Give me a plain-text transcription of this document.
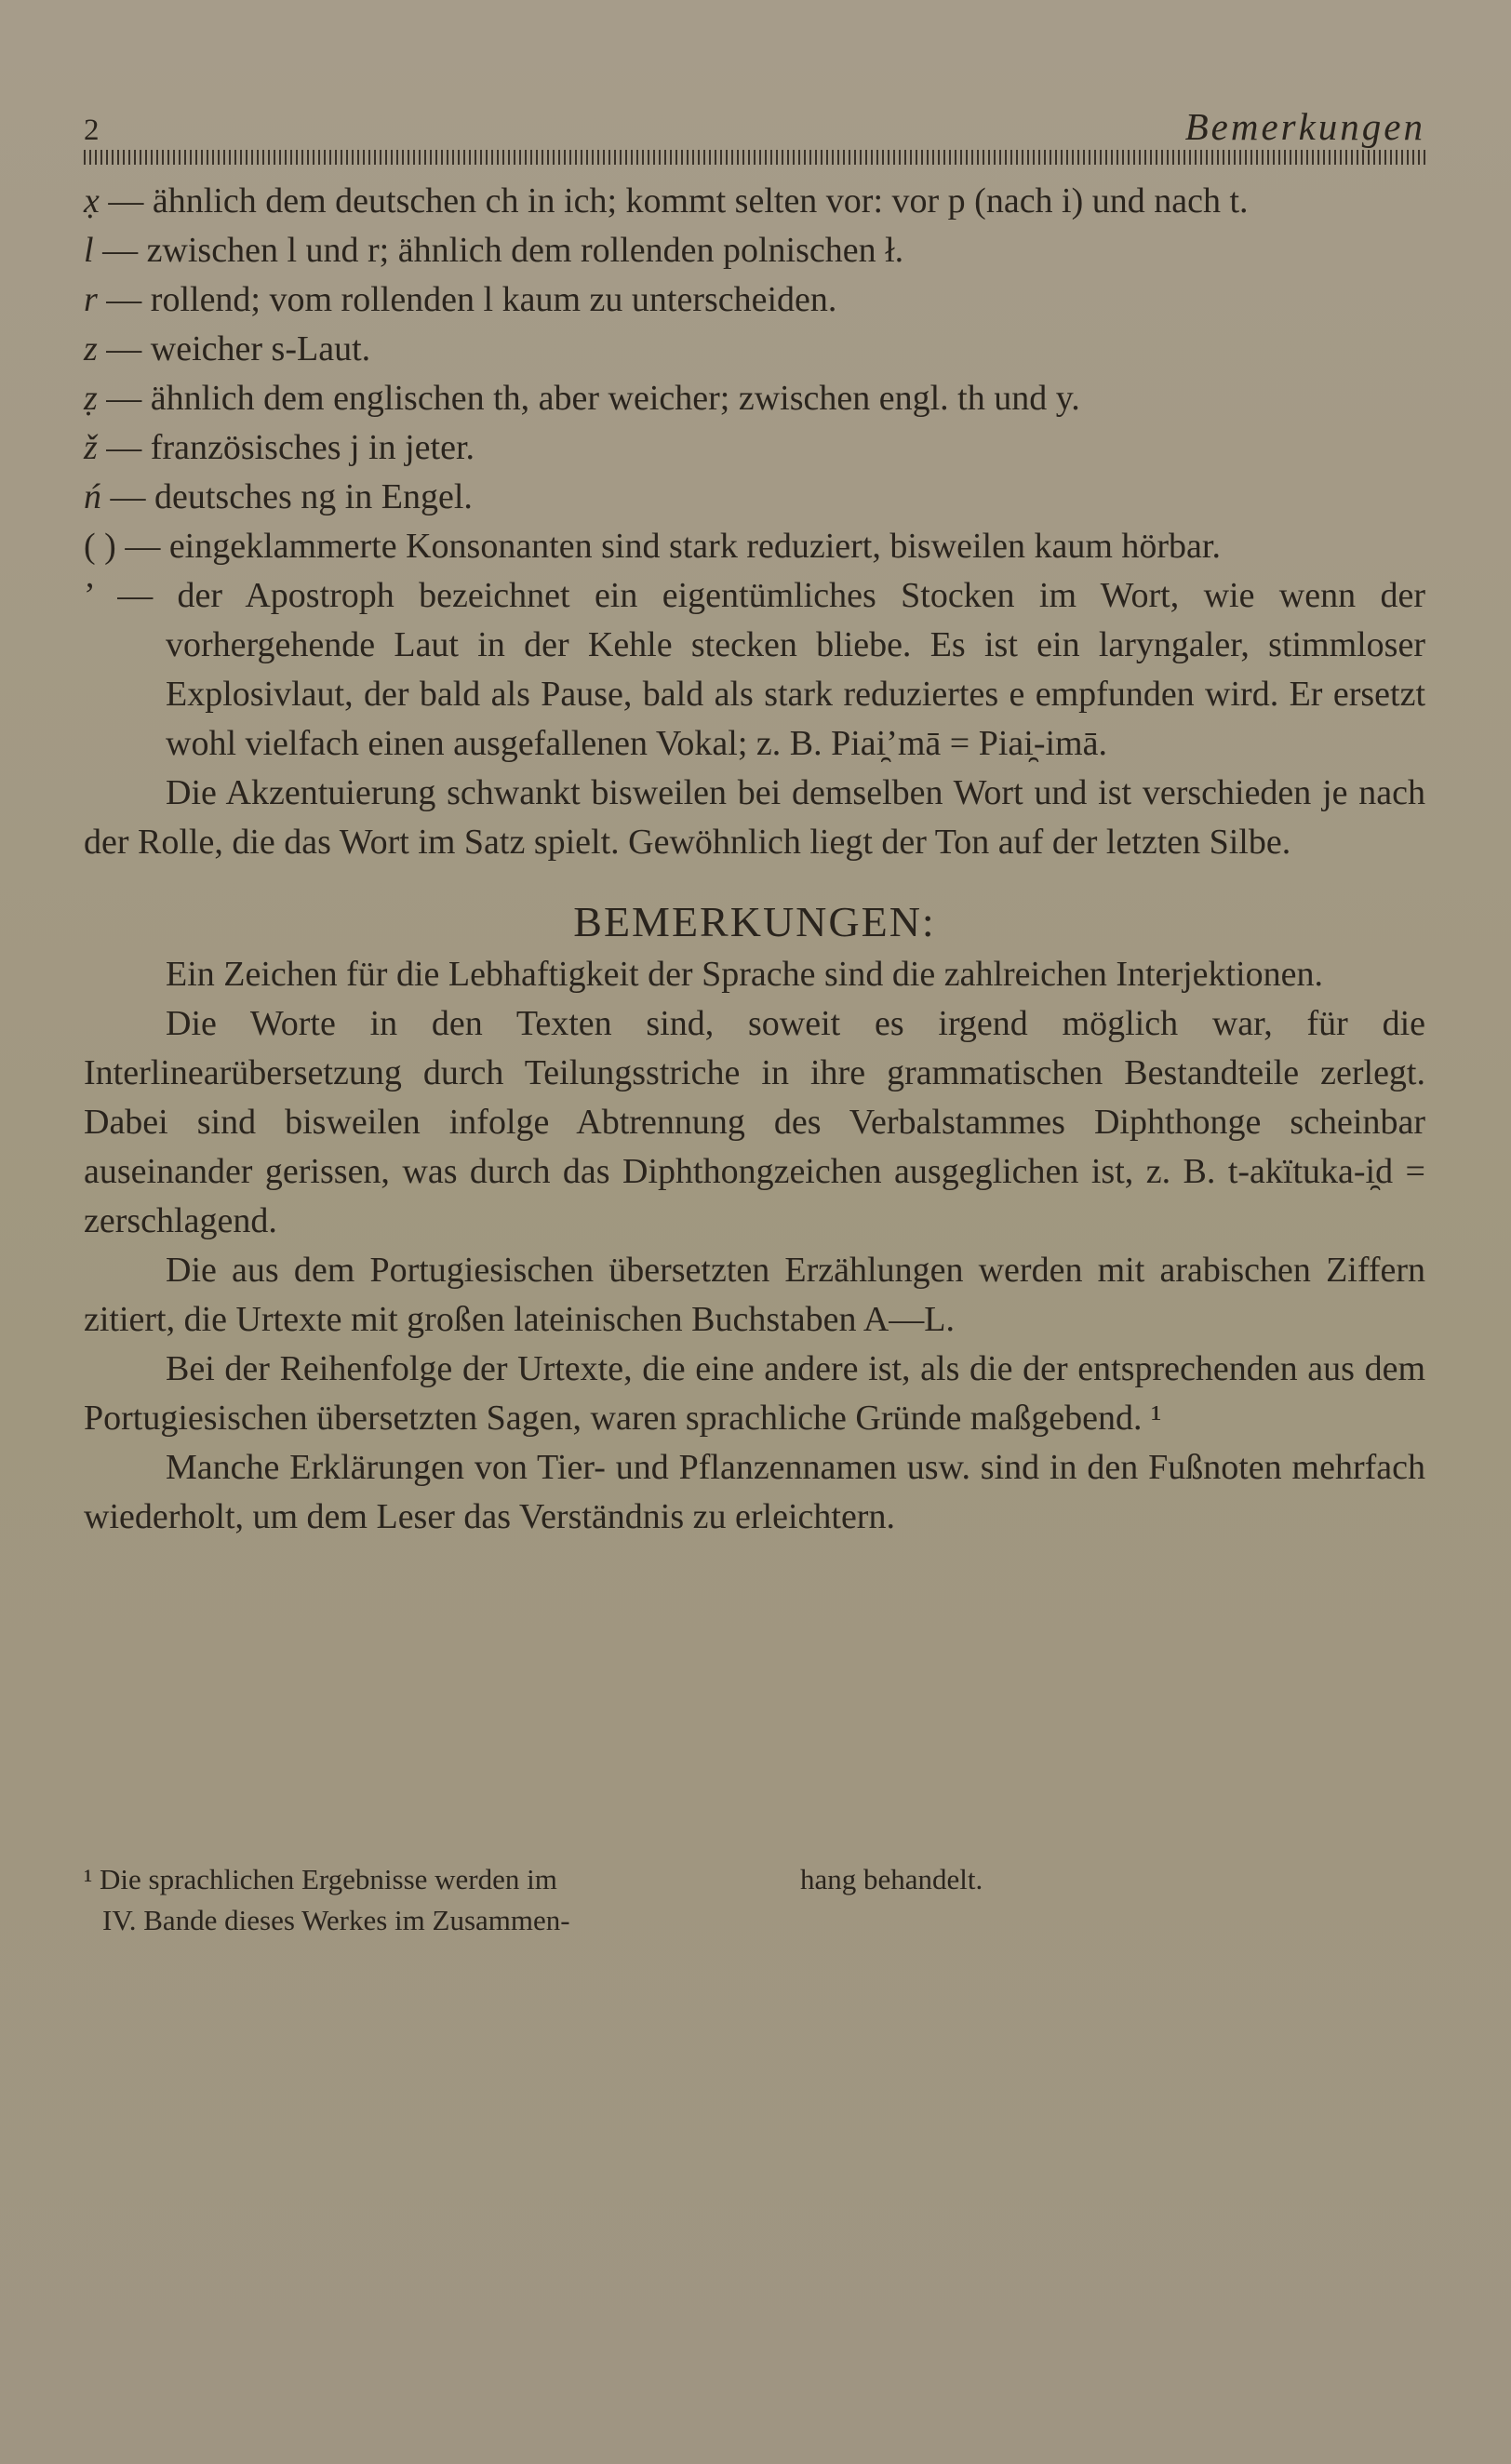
2	Bemerkungen
x̣ — ähnlich dem deutschen ch in ich; kommt selten vor: vor p (nach i) und nach t.
l — zwischen l und r; ähnlich dem rollenden polnischen ł.
r — rollend; vom rollenden l kaum zu unterscheiden.
z — weicher s-Laut.
ẓ — ähnlich dem englischen th, aber weicher; zwischen engl. th und y.
ž — französisches j in jeter.
ń — deutsches ng in Engel.
( ) — eingeklammerte Konsonanten sind stark reduziert, bisweilen kaum hörbar.
’ — der Apostroph bezeichnet ein eigentümliches Stocken im Wort, wie wenn der vorhergehende Laut in der Kehle stecken bliebe. Es ist ein laryngaler, stimmloser Explosivlaut, der bald als Pause, bald als stark reduziertes e empfunden wird. Er ersetzt wohl vielfach einen ausgefallenen Vokal; z. B. Piai̯’mā = Piai̯-imā.

Die Akzentuierung schwankt bisweilen bei demselben Wort und ist verschieden je nach der Rolle, die das Wort im Satz spielt. Gewöhnlich liegt der Ton auf der letzten Silbe.

BEMERKUNGEN:

Ein Zeichen für die Lebhaftigkeit der Sprache sind die zahlreichen Interjektionen.

Die Worte in den Texten sind, soweit es irgend möglich war, für die Interlinearübersetzung durch Teilungsstriche in ihre grammatischen Bestandteile zerlegt. Dabei sind bisweilen infolge Abtrennung des Verbalstammes Diphthonge scheinbar auseinander gerissen, was durch das Diphthongzeichen ausgeglichen ist, z. B. t-akïtuka-i̯d = zerschlagend.

Die aus dem Portugiesischen übersetzten Erzählungen werden mit arabischen Ziffern zitiert, die Urtexte mit großen lateinischen Buchstaben A—L.

Bei der Reihenfolge der Urtexte, die eine andere ist, als die der entsprechenden aus dem Portugiesischen übersetzten Sagen, waren sprachliche Gründe maßgebend. ¹

Manche Erklärungen von Tier- und Pflanzennamen usw. sind in den Fußnoten mehrfach wiederholt, um dem Leser das Verständnis zu erleichtern.

¹ Die sprachlichen Ergebnisse werden im
IV. Bande dieses Werkes im Zusammen-
hang behandelt.
